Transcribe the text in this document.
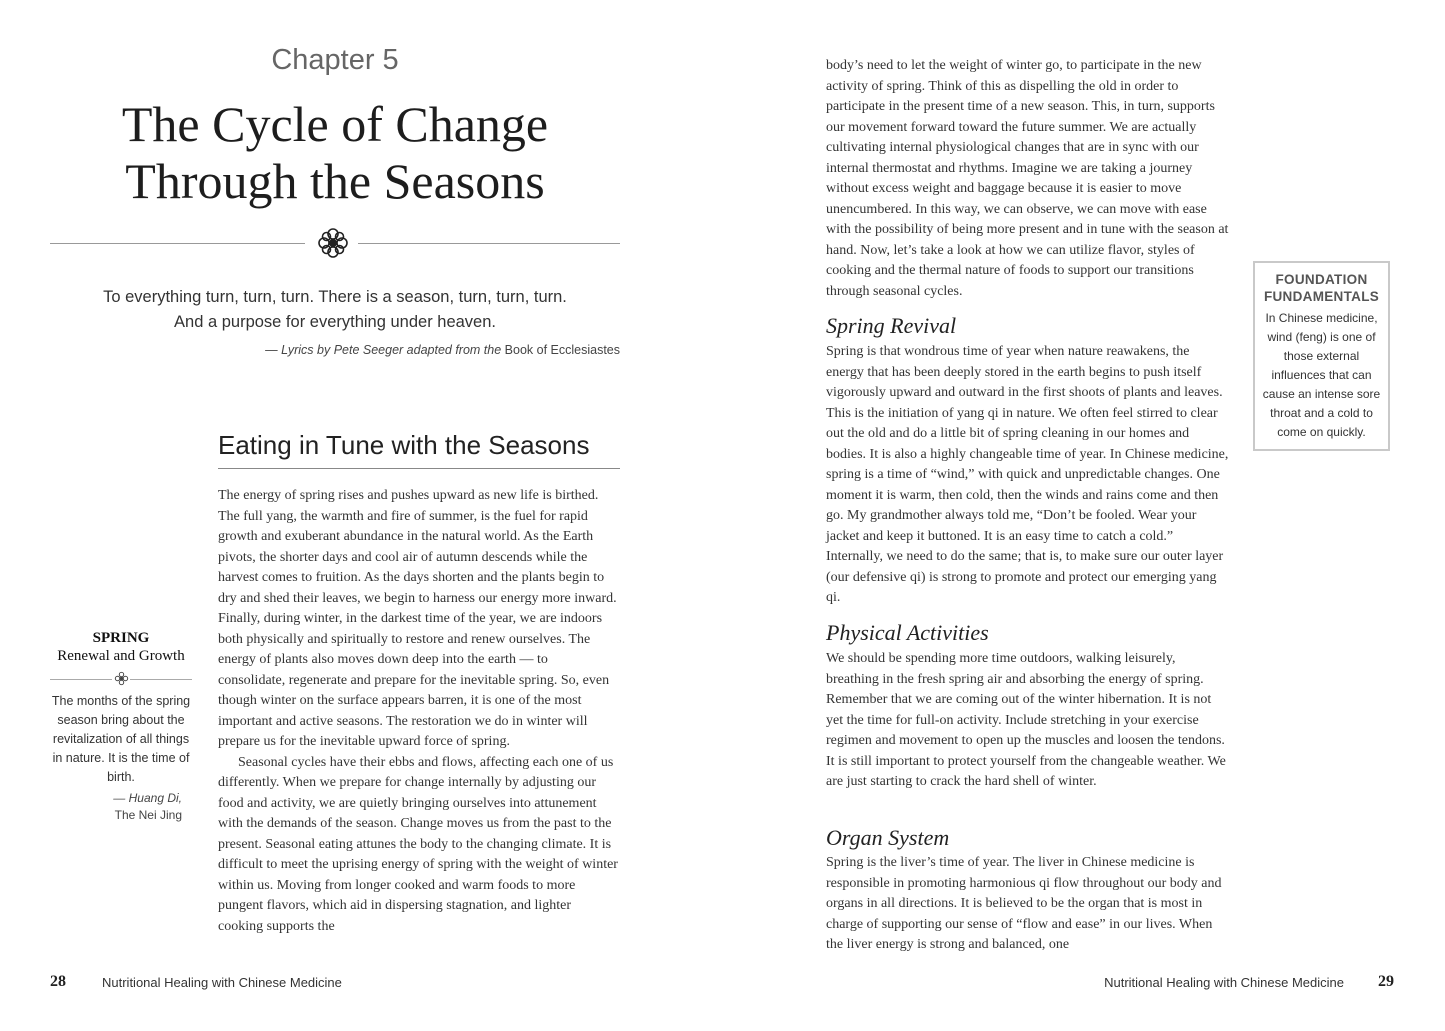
Chapter 5
The Cycle of Change
Through the Seasons
To everything turn, turn, turn. There is a season, turn, turn, turn.
And a purpose for everything under heaven.
— Lyrics by Pete Seeger adapted from the Book of Ecclesiastes
Eating in Tune with the Seasons

The energy of spring rises and pushes upward as new life is birthed. The full yang, the warmth and fire of summer, is the fuel for rapid growth and exuberant abundance in the natural world. As the Earth pivots, the shorter days and cool air of autumn descends while the harvest comes to fruition. As the days shorten and the plants begin to dry and shed their leaves, we begin to harness our energy more inward. Finally, during winter, in the darkest time of the year, we are indoors both physically and spiritually to restore and renew ourselves. The energy of plants also moves down deep into the earth — to consolidate, regenerate and prepare for the inevitable spring. So, even though winter on the surface appears barren, it is one of the most important and active seasons. The restoration we do in winter will prepare us for the inevitable upward force of spring.

Seasonal cycles have their ebbs and flows, affecting each one of us differently. When we prepare for change internally by adjusting our food and activity, we are quietly bringing ourselves into attunement with the demands of the season. Change moves us from the past to the present. Seasonal eating attunes the body to the changing climate. It is difficult to meet the uprising energy of spring with the weight of winter within us. Moving from longer cooked and warm foods to more pungent flavors, which aid in dispersing stagnation, and lighter cooking supports the

SPRING
Renewal and Growth
The months of the spring season bring about the revitalization of all things in nature. It is the time of birth.
— Huang Di,
The Nei Jing
28	Nutritional Healing with Chinese Medicine
body’s need to let the weight of winter go, to participate in the new activity of spring. Think of this as dispelling the old in order to participate in the present time of a new season. This, in turn, supports our movement forward toward the future summer. We are actually cultivating internal physiological changes that are in sync with our internal thermostat and rhythms. Imagine we are taking a journey without excess weight and baggage because it is easier to move unencumbered. In this way, we can observe, we can move with ease with the possibility of being more present and in tune with the season at hand. Now, let’s take a look at how we can utilize flavor, styles of cooking and the thermal nature of foods to support our transitions through seasonal cycles.
Spring Revival
Spring is that wondrous time of year when nature reawakens, the energy that has been deeply stored in the earth begins to push itself vigorously upward and outward in the first shoots of plants and leaves. This is the initiation of yang qi in nature. We often feel stirred to clear out the old and do a little bit of spring cleaning in our homes and bodies. It is also a highly changeable time of year. In Chinese medicine, spring is a time of “wind,” with quick and unpredictable changes. One moment it is warm, then cold, then the winds and rains come and then go. My grandmother always told me, “Don’t be fooled. Wear your jacket and keep it buttoned. It is an easy time to catch a cold.” Internally, we need to do the same; that is, to make sure our outer layer (our defensive qi) is strong to promote and protect our emerging yang qi.
Physical Activities
We should be spending more time outdoors, walking leisurely, breathing in the fresh spring air and absorbing the energy of spring. Remember that we are coming out of the winter hibernation. It is not yet the time for full-on activity. Include stretching in your exercise regimen and movement to open up the muscles and loosen the tendons. It is still important to protect yourself from the changeable weather. We are just starting to crack the hard shell of winter.
Organ System
Spring is the liver’s time of year. The liver in Chinese medicine is responsible in promoting harmonious qi flow throughout our body and organs in all directions. It is believed to be the organ that is most in charge of supporting our sense of “flow and ease” in our lives. When the liver energy is strong and balanced, one
FOUNDATION
FUNDAMENTALS
In Chinese medicine, wind (feng) is one of those external influences that can cause an intense sore throat and a cold to come on quickly.
Nutritional Healing with Chinese Medicine 29
